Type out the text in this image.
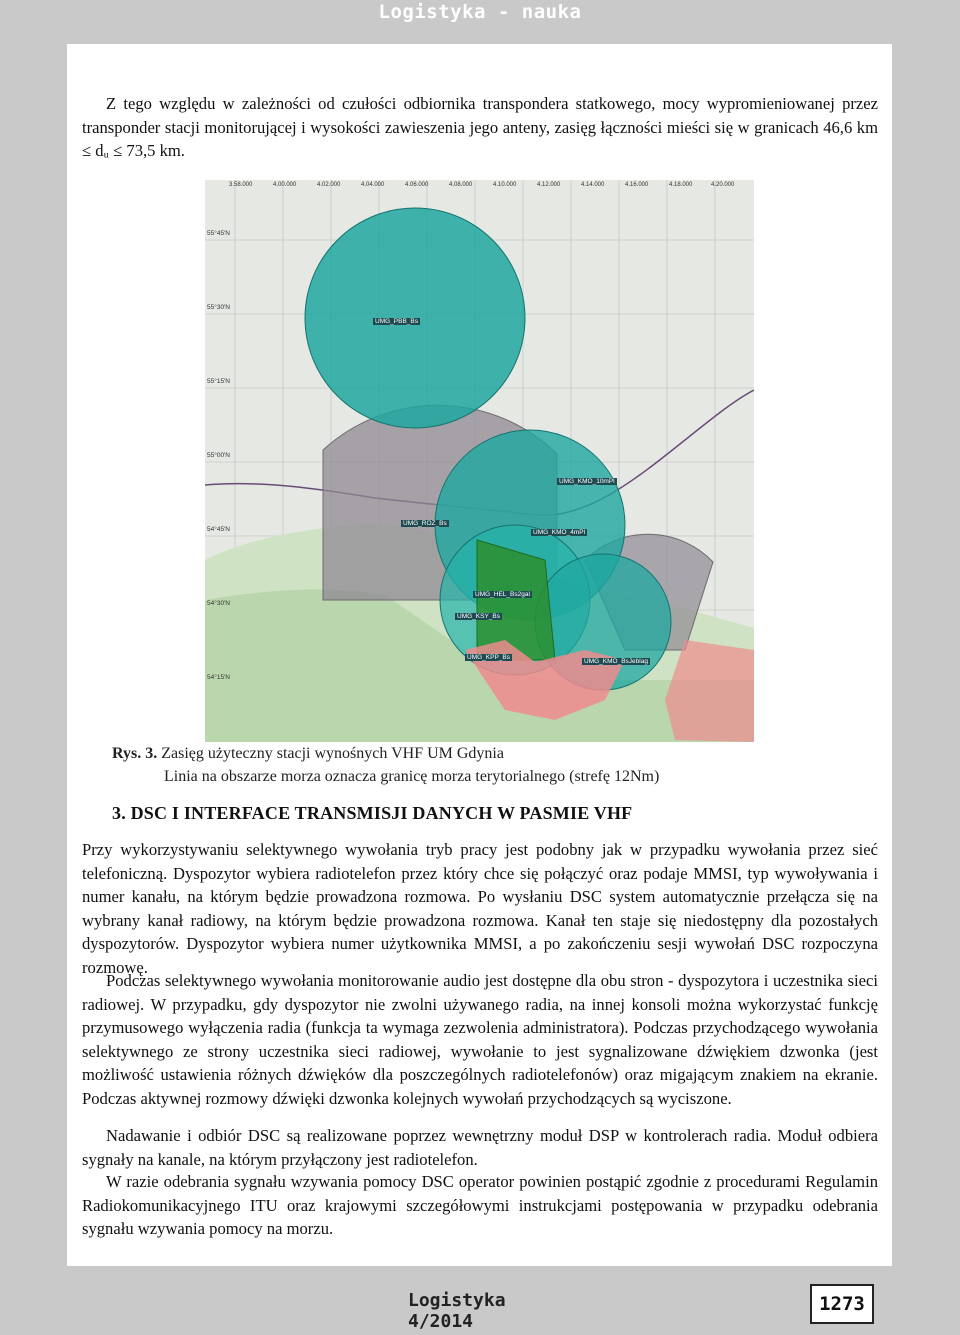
Logistyka - nauka

Z tego względu w zależności od czułości odbiornika transpondera statkowego, mocy wypromieniowanej przez transponder stacji monitorującej i wysokości zawieszenia jego anteny, zasięg łączności mieści się w granicach 46,6 km ≤ dᵤ ≤ 73,5 km.

3.58.000	4.00.000	4.02.000	4.04.000	4.06.000	4.08.000	4.10.000	4.12.000	4.14.000	4.16.000	4.18.000	4.20.000
55°45'N
55°30'N
55°15'N
55°00'N
54°45'N
54°30'N
54°15'N
UMG_PBB_Bs
UMG_KMO_10mPl
UMG_ROZ_Bs
UMG_KMO_4mPl
UMG_HEL_Bs2gal
UMG_KSY_Bs
UMG_KPP_Bs
UMG_KMO_BsJeblag
Rys. 3. Zasięg użyteczny stacji wynośnych VHF UM Gdynia
Linia na obszarze morza oznacza granicę morza terytorialnego (strefę 12Nm)
3. DSC I INTERFACE TRANSMISJI DANYCH W PASMIE VHF

Przy wykorzystywaniu selektywnego wywołania tryb pracy jest podobny jak w przypadku wywołania przez sieć telefoniczną. Dyspozytor wybiera radiotelefon przez który chce się połączyć oraz podaje MMSI, typ wywoływania i numer kanału, na którym będzie prowadzona rozmowa. Po wysłaniu DSC system automatycznie przełącza się na wybrany kanał radiowy, na którym będzie prowadzona rozmowa. Kanał ten staje się niedostępny dla pozostałych dyspozytorów. Dyspozytor wybiera numer użytkownika MMSI, a po zakończeniu sesji wywołań DSC rozpoczyna rozmowę.

Podczas selektywnego wywołania monitorowanie audio jest dostępne dla obu stron - dyspozytora i uczestnika sieci radiowej. W przypadku, gdy dyspozytor nie zwolni używanego radia, na innej konsoli można wykorzystać funkcję przymusowego wyłączenia radia (funkcja ta wymaga zezwolenia administratora). Podczas przychodzącego wywołania selektywnego ze strony uczestnika sieci radiowej, wywołanie to jest sygnalizowane dźwiękiem dzwonka (jest możliwość ustawienia różnych dźwięków dla poszczególnych radiotelefonów) oraz migającym znakiem na ekranie. Podczas aktywnej rozmowy dźwięki dzwonka kolejnych wywołań przychodzących są wyciszone.

Nadawanie i odbiór DSC są realizowane poprzez wewnętrzny moduł DSP w kontrolerach radia. Moduł odbiera sygnały na kanale, na którym przyłączony jest radiotelefon.

W razie odebrania sygnału wzywania pomocy DSC operator powinien postąpić zgodnie z procedurami Regulamin Radiokomunikacyjnego ITU oraz krajowymi szczegółowymi instrukcjami postępowania w przypadku odebrania sygnału wzywania pomocy na morzu.

Logistyka 4/2014
1273
